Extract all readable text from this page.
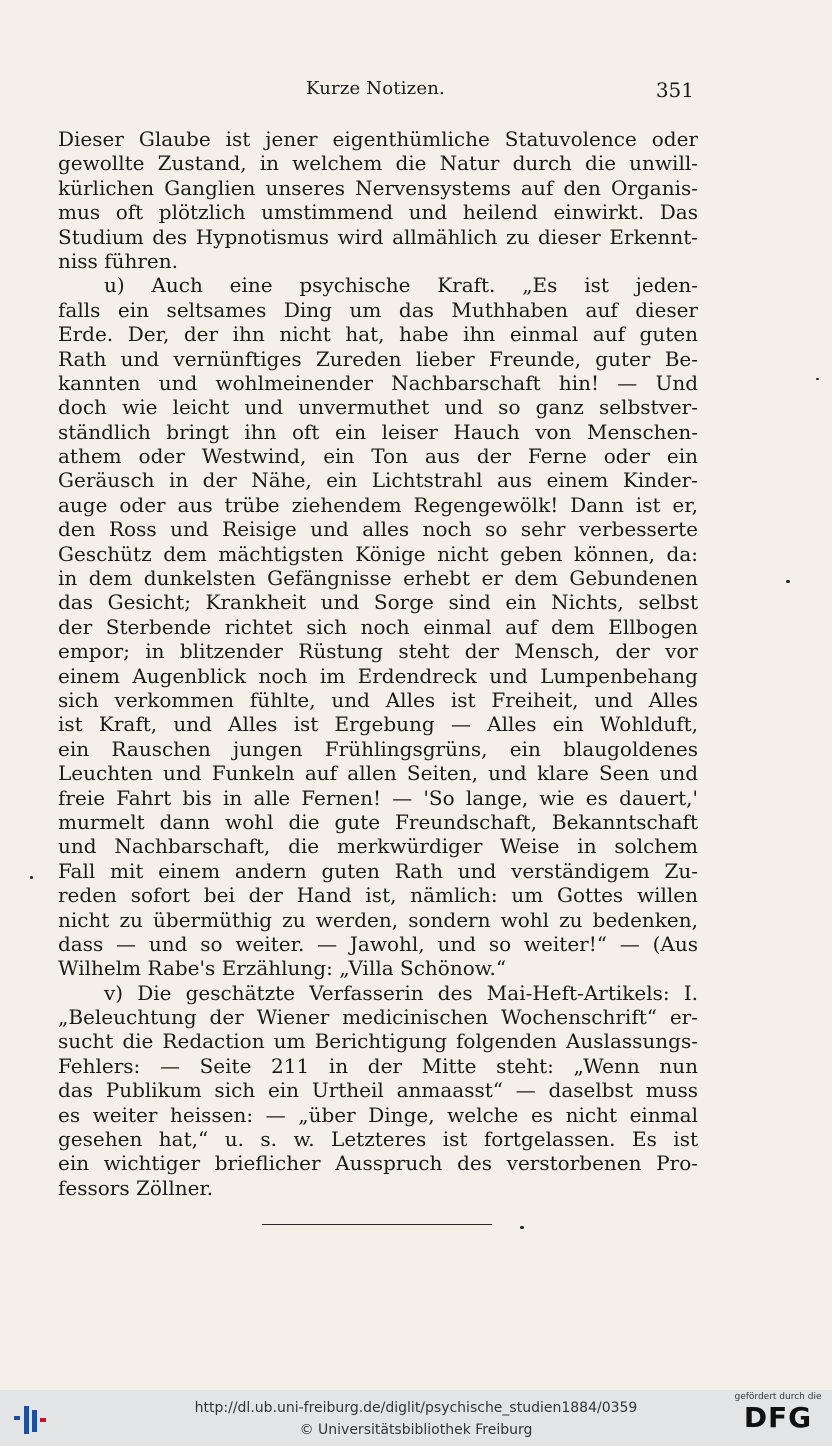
Kurze Notizen.	351
Dieser Glaube ist jener eigenthümliche Statuvolence oder
gewollte Zustand, in welchem die Natur durch die unwill-
kürlichen Ganglien unseres Nervensystems auf den Organis-
mus oft plötzlich umstimmend und heilend einwirkt. Das
Studium des Hypnotismus wird allmählich zu dieser Erkennt-
niss führen.
u) Auch eine psychische Kraft. „Es ist jeden-
falls ein seltsames Ding um das Muthhaben auf dieser
Erde. Der, der ihn nicht hat, habe ihn einmal auf guten
Rath und vernünftiges Zureden lieber Freunde, guter Be-
kannten und wohlmeinender Nachbarschaft hin! — Und
doch wie leicht und unvermuthet und so ganz selbstver-
ständlich bringt ihn oft ein leiser Hauch von Menschen-
athem oder Westwind, ein Ton aus der Ferne oder ein
Geräusch in der Nähe, ein Lichtstrahl aus einem Kinder-
auge oder aus trübe ziehendem Regengewölk! Dann ist er,
den Ross und Reisige und alles noch so sehr verbesserte
Geschütz dem mächtigsten Könige nicht geben können, da:
in dem dunkelsten Gefängnisse erhebt er dem Gebundenen
das Gesicht; Krankheit und Sorge sind ein Nichts, selbst
der Sterbende richtet sich noch einmal auf dem Ellbogen
empor; in blitzender Rüstung steht der Mensch, der vor
einem Augenblick noch im Erdendreck und Lumpenbehang
sich verkommen fühlte, und Alles ist Freiheit, und Alles
ist Kraft, und Alles ist Ergebung — Alles ein Wohlduft,
ein Rauschen jungen Frühlingsgrüns, ein blaugoldenes
Leuchten und Funkeln auf allen Seiten, und klare Seen und
freie Fahrt bis in alle Fernen! — 'So lange, wie es dauert,'
murmelt dann wohl die gute Freundschaft, Bekanntschaft
und Nachbarschaft, die merkwürdiger Weise in solchem
Fall mit einem andern guten Rath und verständigem Zu-
reden sofort bei der Hand ist, nämlich: um Gottes willen
nicht zu übermüthig zu werden, sondern wohl zu bedenken,
dass — und so weiter. — Jawohl, und so weiter!“ — (Aus
Wilhelm Rabe's Erzählung: „Villa Schönow.“
v) Die geschätzte Verfasserin des Mai-Heft-Artikels: I.
„Beleuchtung der Wiener medicinischen Wochenschrift“ er-
sucht die Redaction um Berichtigung folgenden Auslassungs-
Fehlers: — Seite 211 in der Mitte steht: „Wenn nun
das Publikum sich ein Urtheil anmaasst“ — daselbst muss
es weiter heissen: — „über Dinge, welche es nicht einmal
gesehen hat,“ u. s. w. Letzteres ist fortgelassen. Es ist
ein wichtiger brieflicher Ausspruch des verstorbenen Pro-
fessors Zöllner.
http://dl.ub.uni-freiburg.de/diglit/psychische_studien1884/0359
© Universitätsbibliothek Freiburg
gefördert durch die
DFG
